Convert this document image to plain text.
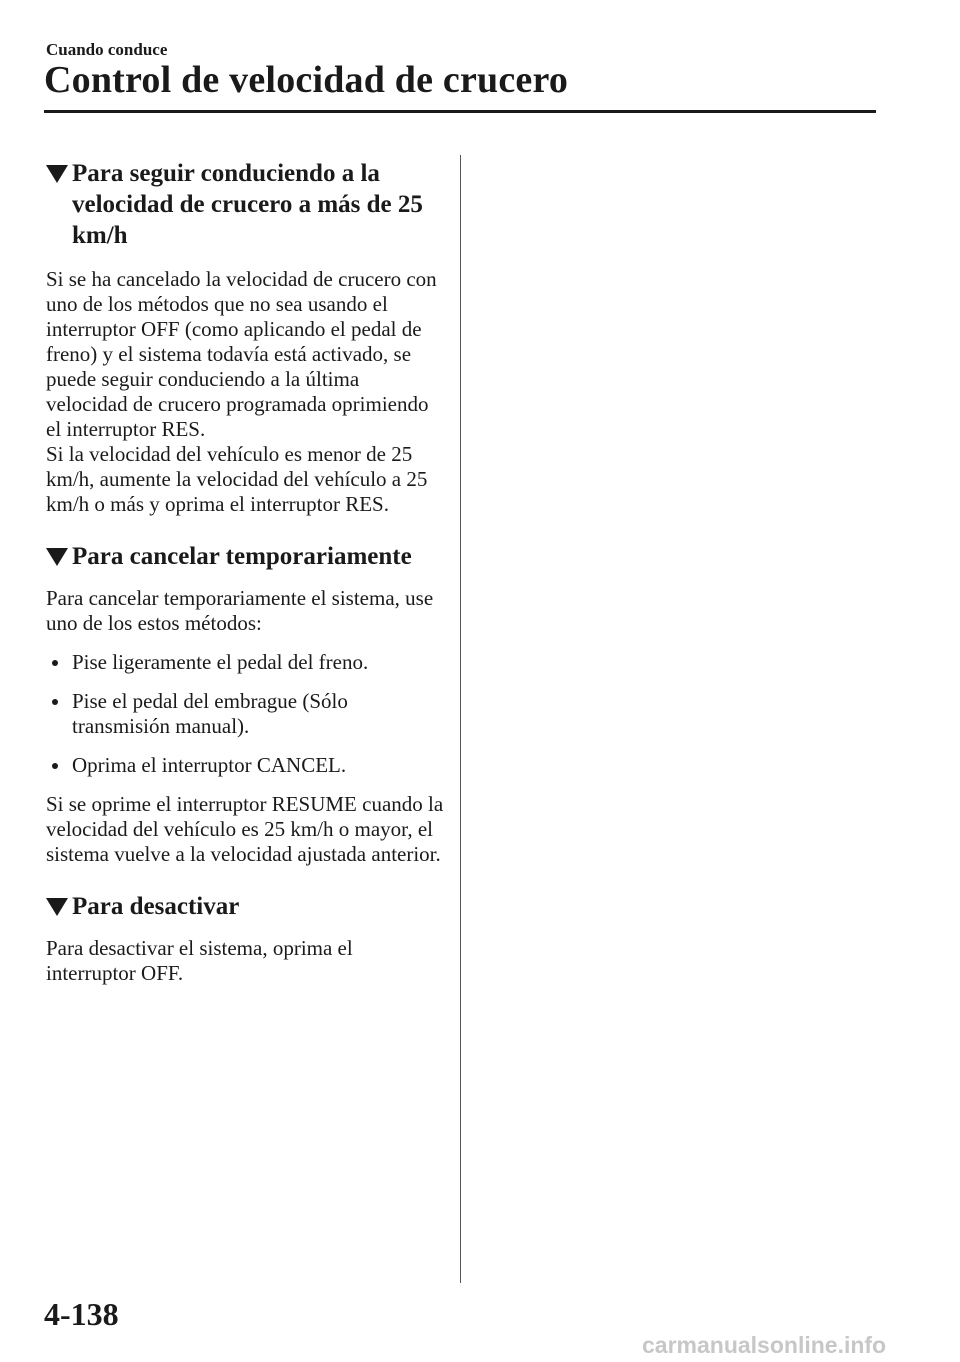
Cuando conduce
Control de velocidad de crucero
Para seguir conduciendo a la velocidad de crucero a más de 25 km/h

Si se ha cancelado la velocidad de crucero con uno de los métodos que no sea usando el interruptor OFF (como aplicando el pedal de freno) y el sistema todavía está activado, se puede seguir conduciendo a la última velocidad de crucero programada oprimiendo el interruptor RES.

Si la velocidad del vehículo es menor de 25 km/h, aumente la velocidad del vehículo a 25 km/h o más y oprima el interruptor RES.

Para cancelar temporariamente

Para cancelar temporariamente el sistema, use uno de los estos métodos:

Pise ligeramente el pedal del freno.
Pise el pedal del embrague (Sólo transmisión manual).
Oprima el interruptor CANCEL.

Si se oprime el interruptor RESUME cuando la velocidad del vehículo es 25 km/h o mayor, el sistema vuelve a la velocidad ajustada anterior.

Para desactivar

Para desactivar el sistema, oprima el interruptor OFF.

4-138
carmanualsonline.info
